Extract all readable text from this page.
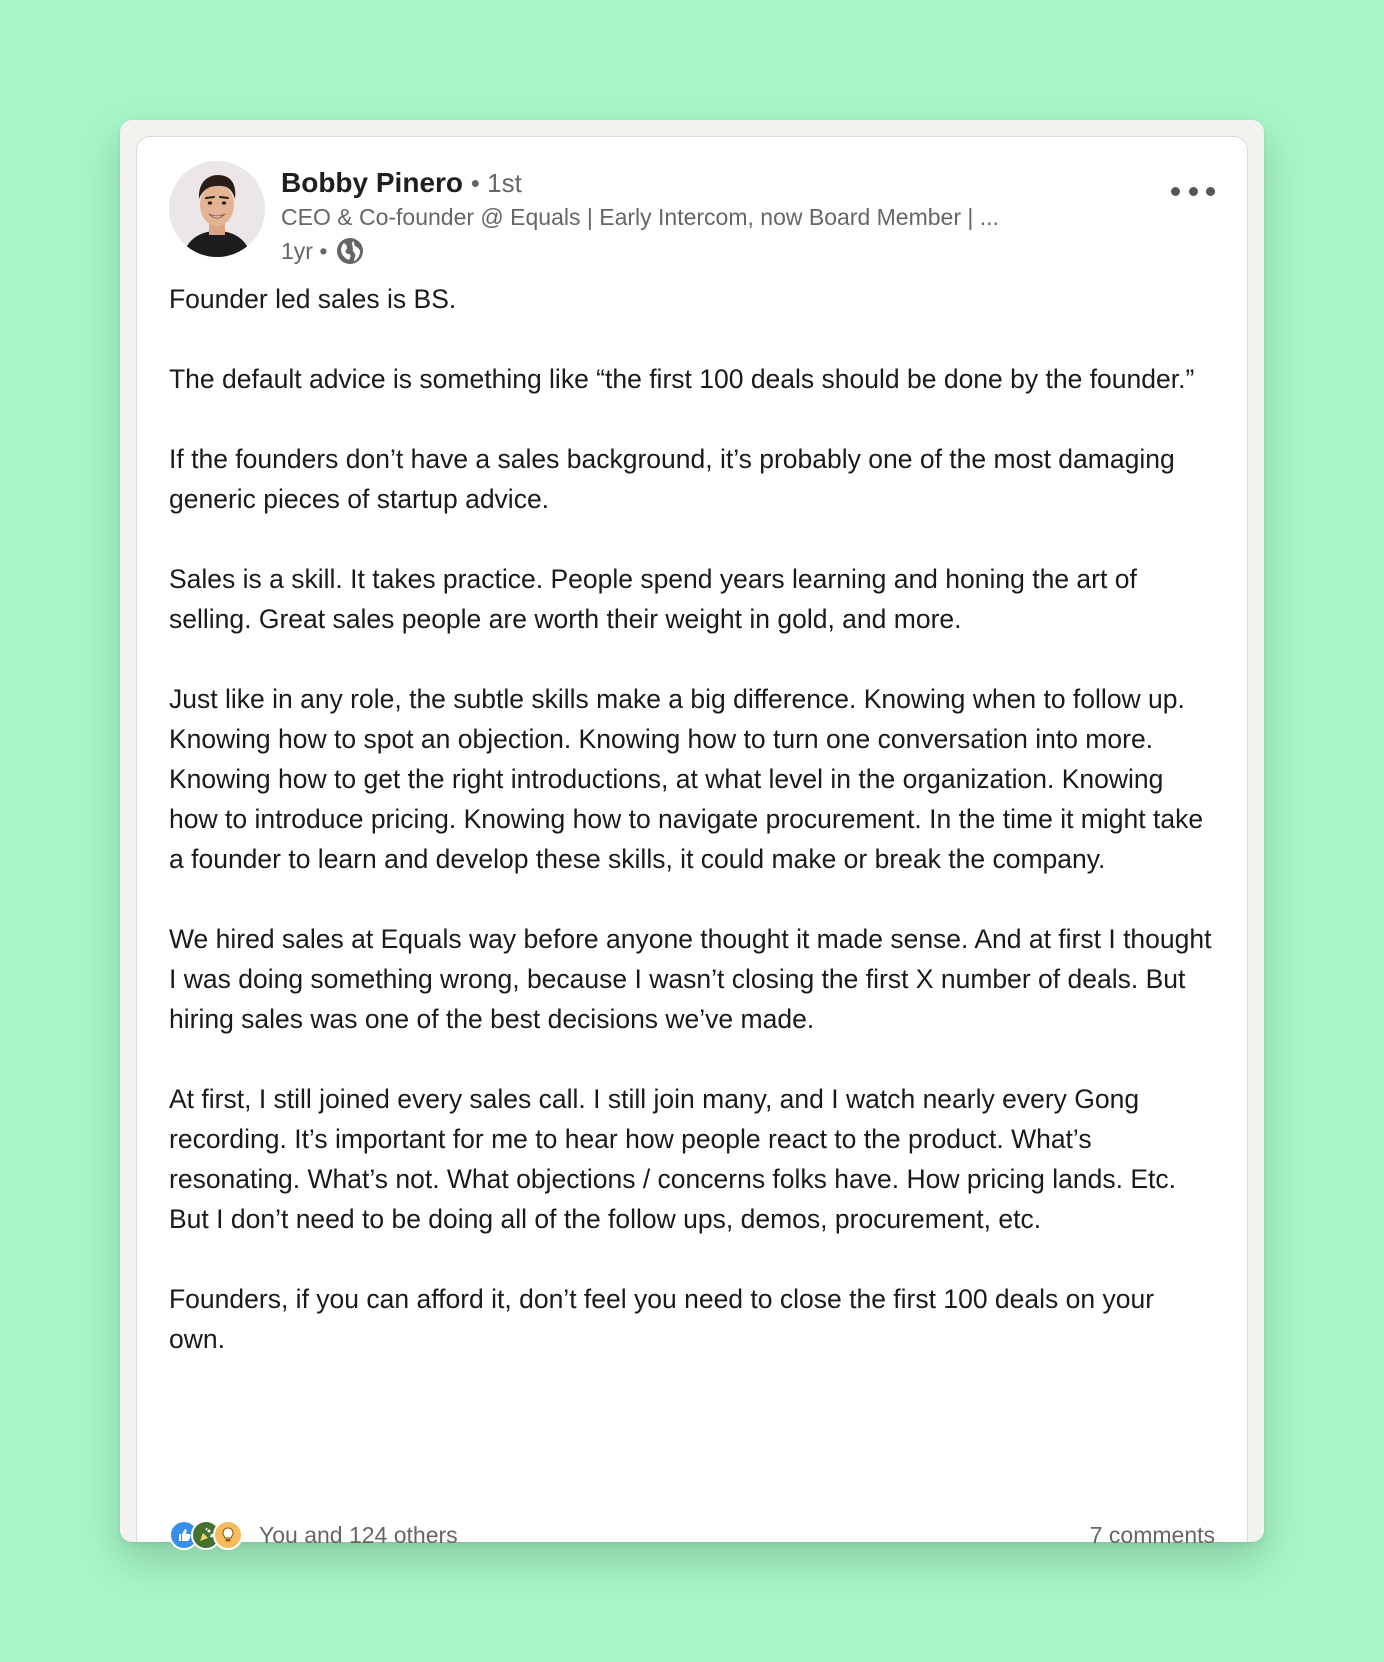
Bobby Pinero • 1st
CEO & Co-founder @ Equals | Early Intercom, now Board Member | ...
1yr •

Founder led sales is BS.

The default advice is something like “the first 100 deals should be done by the founder.”

If the founders don’t have a sales background, it’s probably one of the most damaging generic pieces of startup advice.

Sales is a skill. It takes practice. People spend years learning and honing the art of selling. Great sales people are worth their weight in gold, and more.

Just like in any role, the subtle skills make a big difference. Knowing when to follow up. Knowing how to spot an objection. Knowing how to turn one conversation into more. Knowing how to get the right introductions, at what level in the organization. Knowing how to introduce pricing. Knowing how to navigate procurement. In the time it might take a founder to learn and develop these skills, it could make or break the company.

We hired sales at Equals way before anyone thought it made sense. And at first I thought I was doing something wrong, because I wasn’t closing the first X number of deals. But hiring sales was one of the best decisions we’ve made.

At first, I still joined every sales call. I still join many, and I watch nearly every Gong recording. It’s important for me to hear how people react to the product. What’s resonating. What’s not. What objections / concerns folks have. How pricing lands. Etc. But I don’t need to be doing all of the follow ups, demos, procurement, etc.

Founders, if you can afford it, don’t feel you need to close the first 100 deals on your own.

You and 124 others	7 comments
